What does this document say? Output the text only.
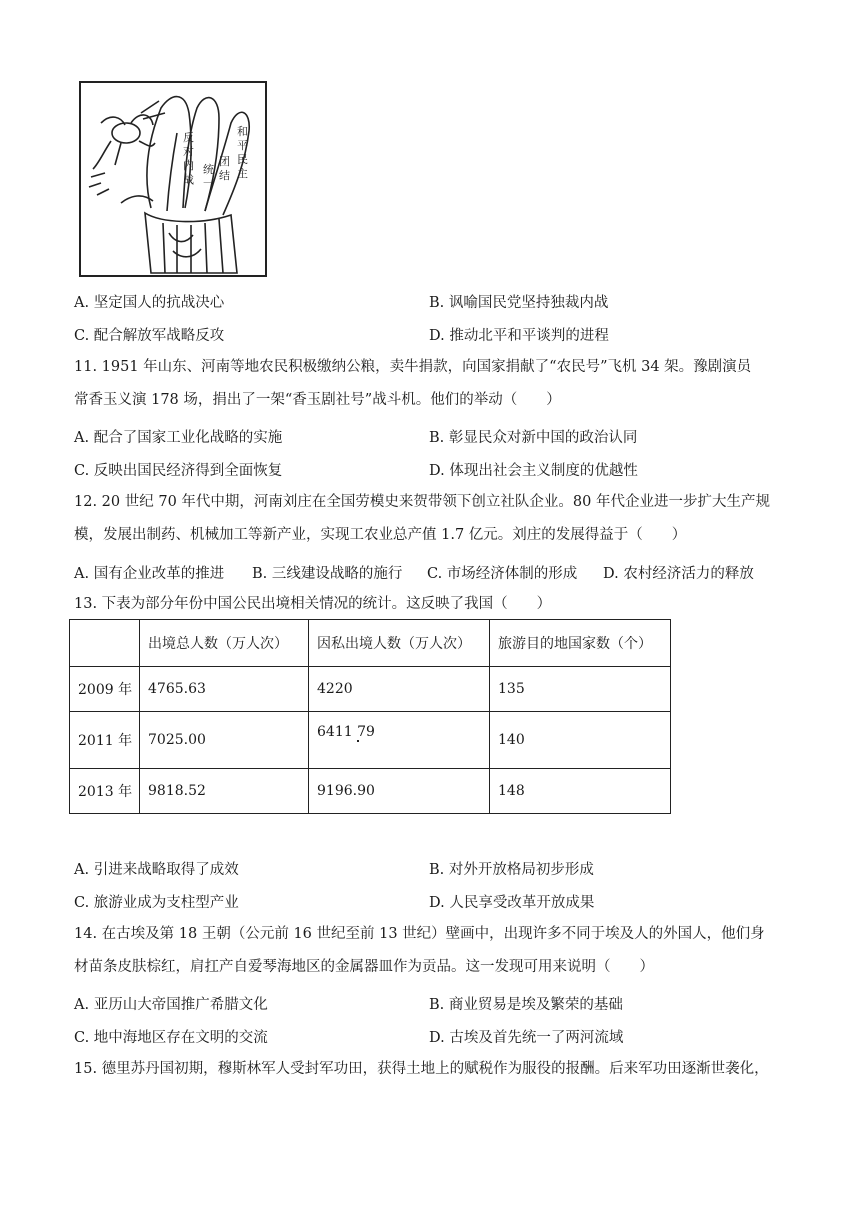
反对内战
统一
团结
和平民主
A. 坚定国人的抗战决心	B. 讽喻国民党坚持独裁内战
C. 配合解放军战略反攻	D. 推动北平和平谈判的进程
11. 1951 年山东、河南等地农民积极缴纳公粮，卖牛捐款，向国家捐献了“农民号”飞机 34 架。豫剧演员
常香玉义演 178 场，捐出了一架“香玉剧社号”战斗机。他们的举动（　　）
A. 配合了国家工业化战略的实施	B. 彰显民众对新中国的政治认同
C. 反映出国民经济得到全面恢复	D. 体现出社会主义制度的优越性
12. 20 世纪 70 年代中期，河南刘庄在全国劳模史来贺带领下创立社队企业。80 年代企业进一步扩大生产规
模，发展出制药、机械加工等新产业，实现工农业总产值 1.7 亿元。刘庄的发展得益于（　　）
A. 国有企业改革的推进 B. 三线建设战略的施行 C. 市场经济体制的形成 D. 农村经济活力的释放
13. 下表为部分年份中国公民出境相关情况的统计。这反映了我国（　　）
	出境总人数（万人次）	因私出境人数（万人次）	旅游目的地国家数（个）
2009 年	4765.63	4220	135
2011 年	7025.00	6411 79	140
2013 年	9818.52	9196.90	148
A. 引进来战略取得了成效	B. 对外开放格局初步形成
C. 旅游业成为支柱型产业	D. 人民享受改革开放成果
14. 在古埃及第 18 王朝（公元前 16 世纪至前 13 世纪）壁画中，出现许多不同于埃及人的外国人，他们身
材苗条皮肤棕红，肩扛产自爱琴海地区的金属器皿作为贡品。这一发现可用来说明（　　）
A. 亚历山大帝国推广希腊文化	B. 商业贸易是埃及繁荣的基础
C. 地中海地区存在文明的交流	D. 古埃及首先统一了两河流域
15. 德里苏丹国初期，穆斯林军人受封军功田，获得土地上的赋税作为服役的报酬。后来军功田逐渐世袭化，
